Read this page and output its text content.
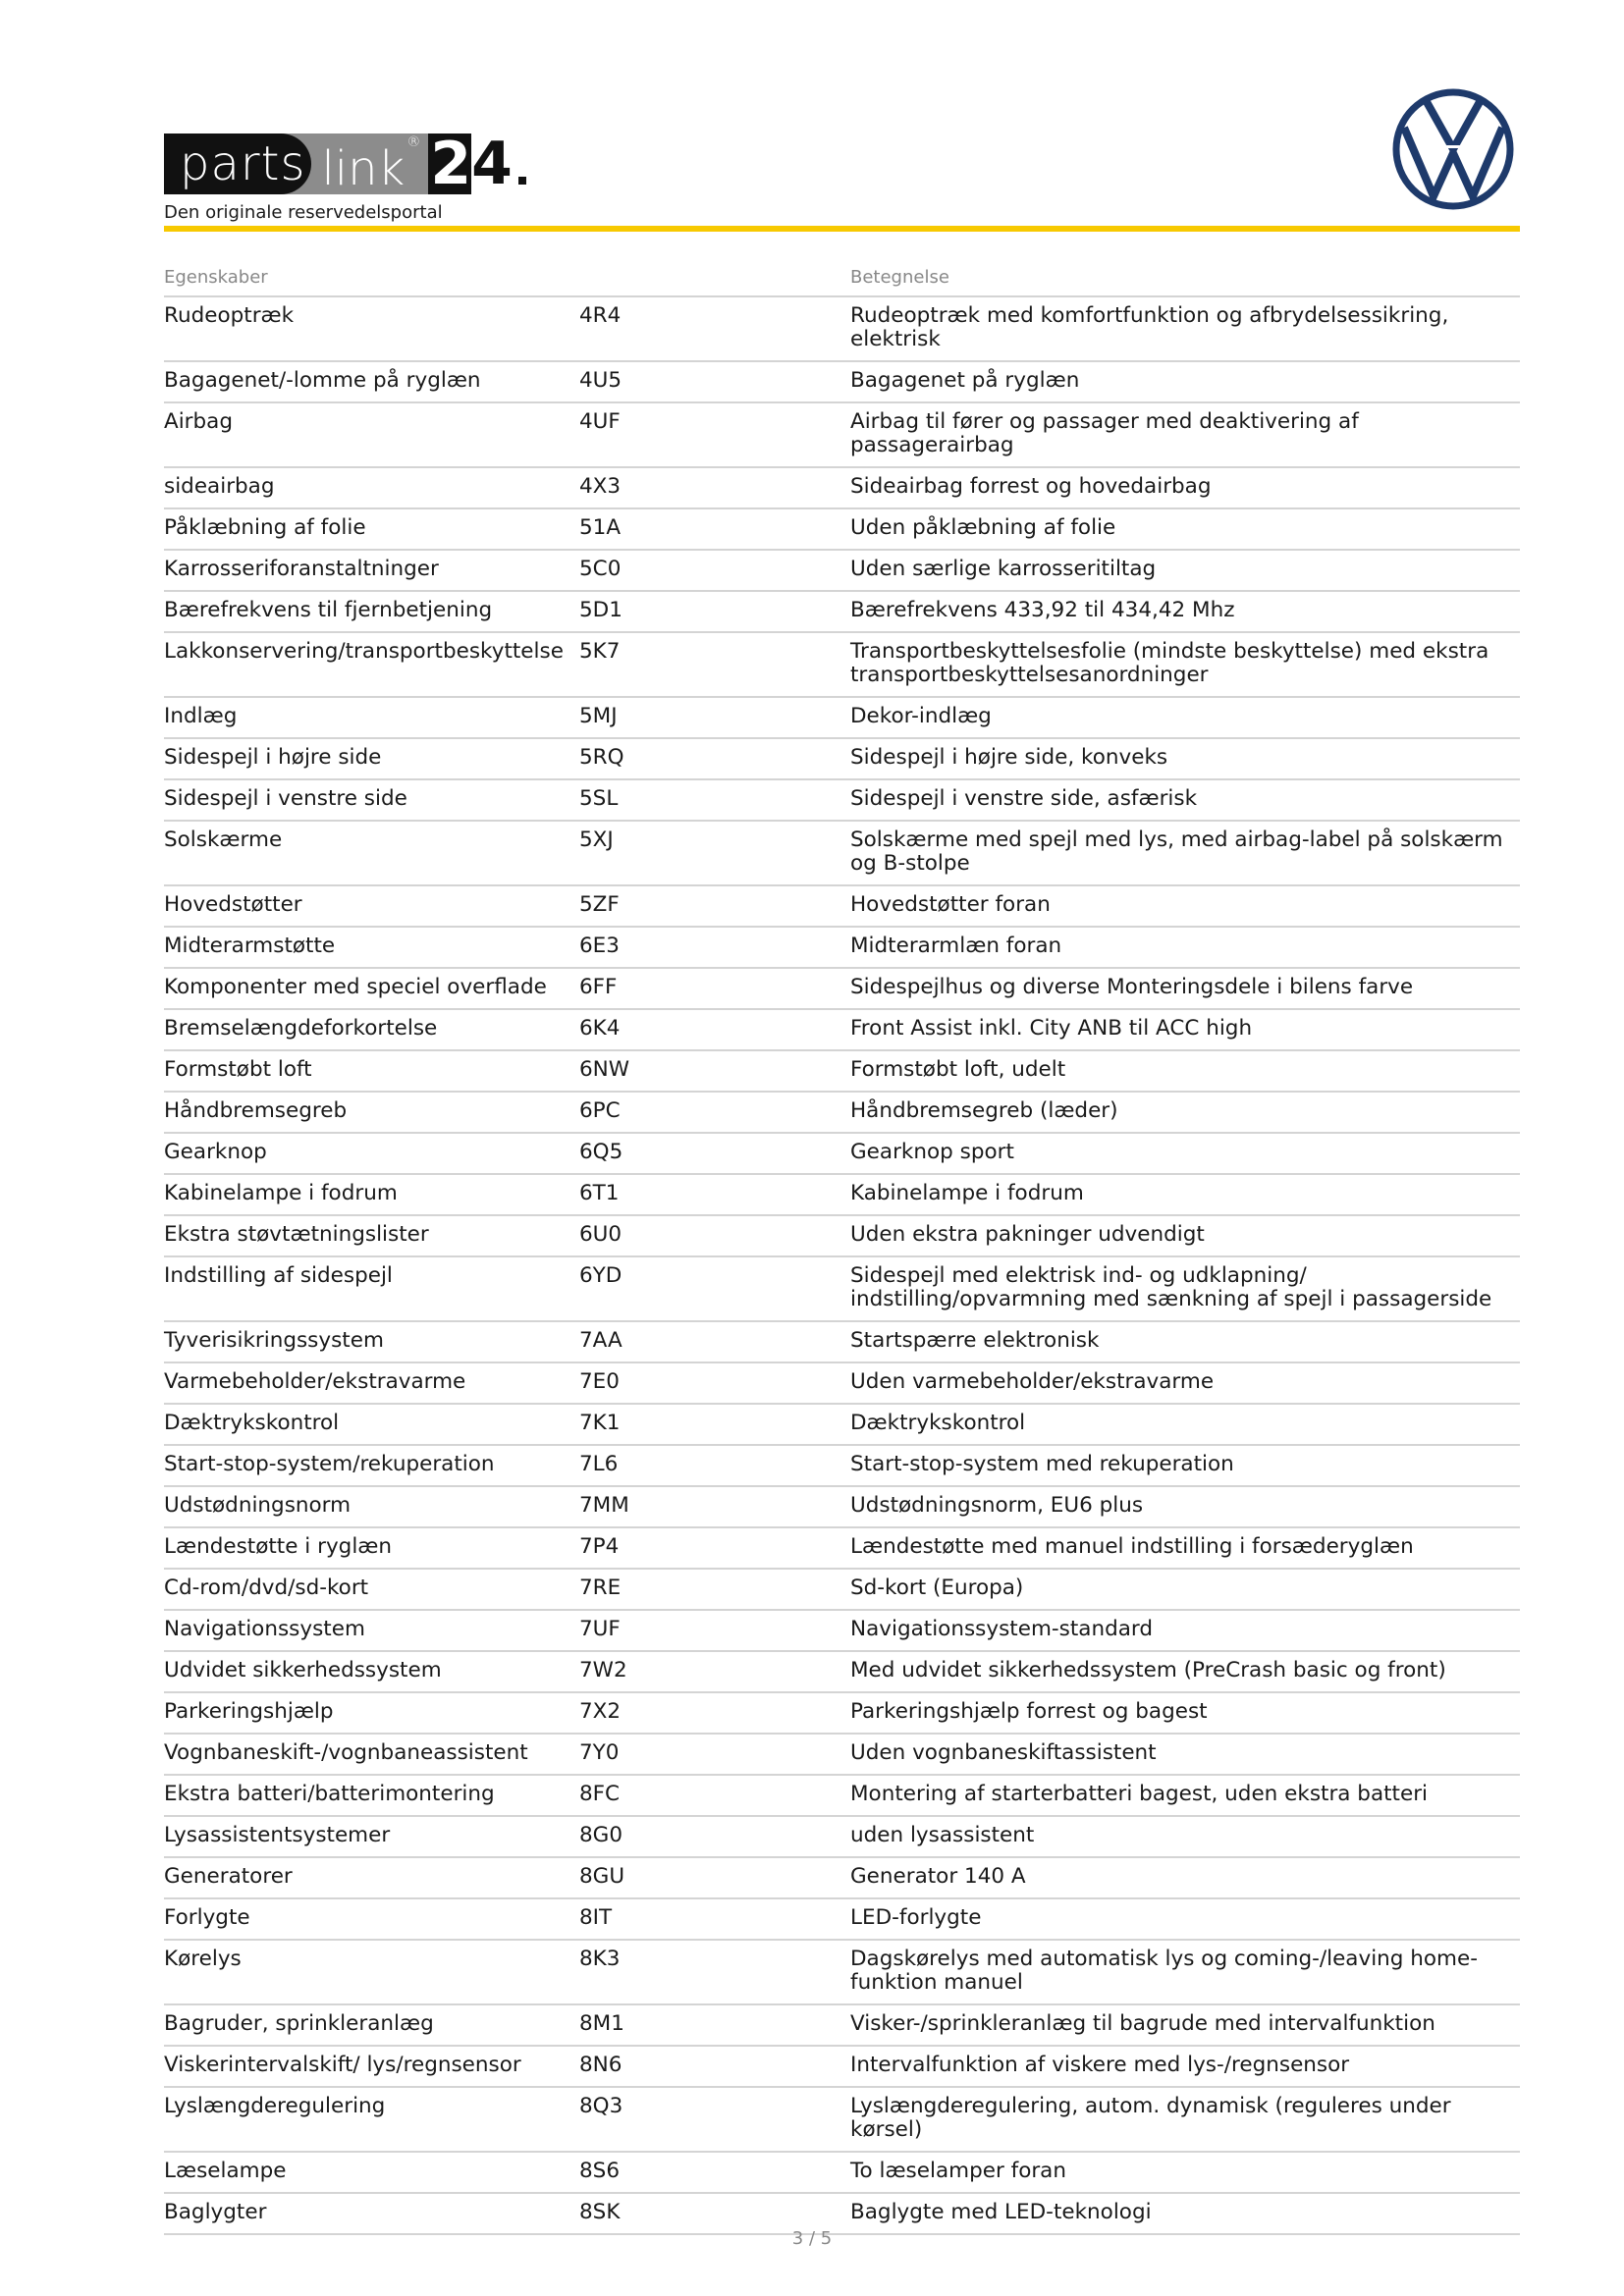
parts link ® 24
Den originale reservedelsportal
Egenskaber		Betegnelse
Rudeoptræk	4R4	Rudeoptræk med komfortfunktion og afbrydelsessikring, elektrisk
Bagagenet/-lomme på ryglæn	4U5	Bagagenet på ryglæn
Airbag	4UF	Airbag til fører og passager med deaktivering af passagerairbag
sideairbag	4X3	Sideairbag forrest og hovedairbag
Påklæbning af folie	51A	Uden påklæbning af folie
Karrosseriforanstaltninger	5C0	Uden særlige karrosseritiltag
Bærefrekvens til fjernbetjening	5D1	Bærefrekvens 433,92 til 434,42 Mhz
Lakkonservering/transportbeskyttelse	5K7	Transportbeskyttelsesfolie (mindste beskyttelse) med ekstra transportbeskyttelsesanordninger
Indlæg	5MJ	Dekor-indlæg
Sidespejl i højre side	5RQ	Sidespejl i højre side, konveks
Sidespejl i venstre side	5SL	Sidespejl i venstre side, asfærisk
Solskærme	5XJ	Solskærme med spejl med lys, med airbag-label på solskærm og B-stolpe
Hovedstøtter	5ZF	Hovedstøtter foran
Midterarmstøtte	6E3	Midterarmlæn foran
Komponenter med speciel overflade	6FF	Sidespejlhus og diverse Monteringsdele i bilens farve
Bremselængdeforkortelse	6K4	Front Assist inkl. City ANB til ACC high
Formstøbt loft	6NW	Formstøbt loft, udelt
Håndbremsegreb	6PC	Håndbremsegreb (læder)
Gearknop	6Q5	Gearknop sport
Kabinelampe i fodrum	6T1	Kabinelampe i fodrum
Ekstra støvtætningslister	6U0	Uden ekstra pakninger udvendigt
Indstilling af sidespejl	6YD	Sidespejl med elektrisk ind- og udklapning/ indstilling/opvarmning med sænkning af spejl i passagerside
Tyverisikringssystem	7AA	Startspærre elektronisk
Varmebeholder/ekstravarme	7E0	Uden varmebeholder/ekstravarme
Dæktrykskontrol	7K1	Dæktrykskontrol
Start-stop-system/rekuperation	7L6	Start-stop-system med rekuperation
Udstødningsnorm	7MM	Udstødningsnorm, EU6 plus
Lændestøtte i ryglæn	7P4	Lændestøtte med manuel indstilling i forsæderyglæn
Cd-rom/dvd/sd-kort	7RE	Sd-kort (Europa)
Navigationssystem	7UF	Navigationssystem-standard
Udvidet sikkerhedssystem	7W2	Med udvidet sikkerhedssystem (PreCrash basic og front)
Parkeringshjælp	7X2	Parkeringshjælp forrest og bagest
Vognbaneskift-/vognbaneassistent	7Y0	Uden vognbaneskiftassistent
Ekstra batteri/batterimontering	8FC	Montering af starterbatteri bagest, uden ekstra batteri
Lysassistentsystemer	8G0	uden lysassistent
Generatorer	8GU	Generator 140 A
Forlygte	8IT	LED-forlygte
Kørelys	8K3	Dagskørelys med automatisk lys og coming-/leaving home-funktion manuel
Bagruder, sprinkleranlæg	8M1	Visker-/sprinkleranlæg til bagrude med intervalfunktion
Viskerintervalskift/ lys/regnsensor	8N6	Intervalfunktion af viskere med lys-/regnsensor
Lyslængderegulering	8Q3	Lyslængderegulering, autom. dynamisk (reguleres under kørsel)
Læselampe	8S6	To læselamper foran
Baglygter	8SK	Baglygte med LED-teknologi
3 / 5
